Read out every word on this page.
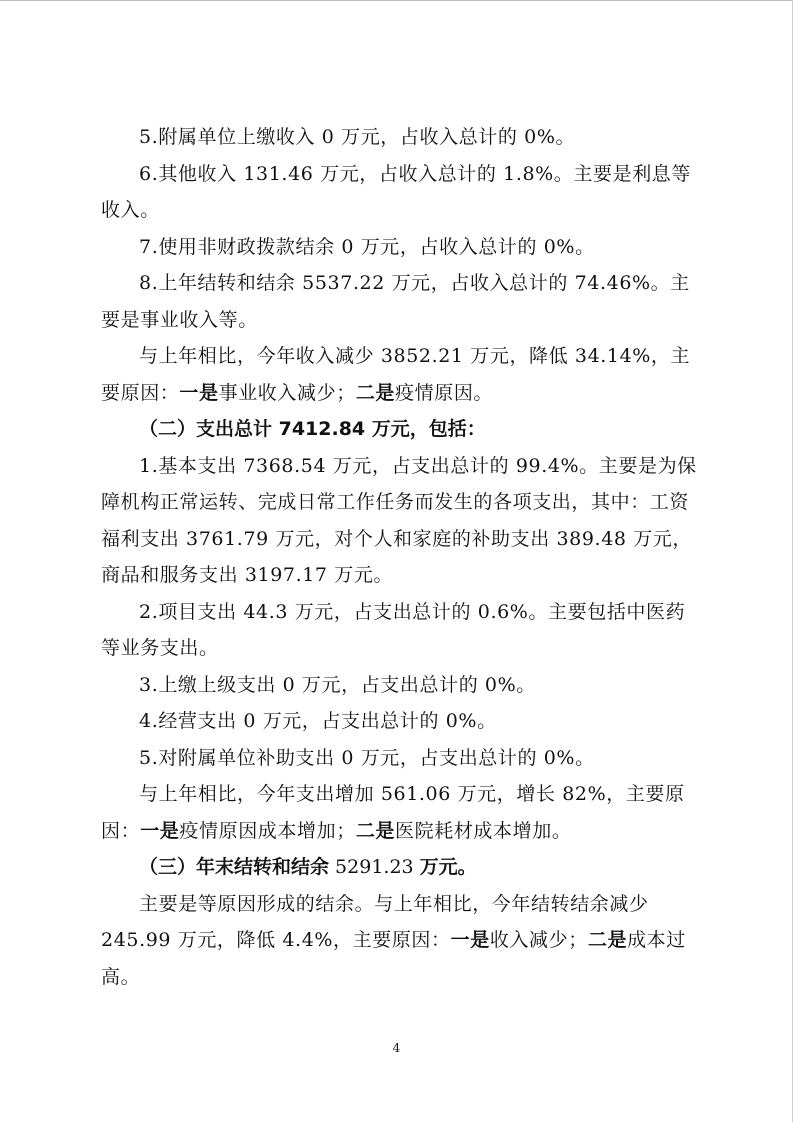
5.附属单位上缴收入 0 万元，占收入总计的 0%。

6.其他收入 131.46 万元，占收入总计的 1.8%。主要是利息等收入。

7.使用非财政拨款结余 0 万元，占收入总计的 0%。

8.上年结转和结余 5537.22 万元，占收入总计的 74.46%。主要是事业收入等。

与上年相比，今年收入减少 3852.21 万元，降低 34.14%，主要原因：一是事业收入减少；二是疫情原因。

（二）支出总计 7412.84 万元，包括：

1.基本支出 7368.54 万元，占支出总计的 99.4%。主要是为保障机构正常运转、完成日常工作任务而发生的各项支出，其中：工资福利支出 3761.79 万元，对个人和家庭的补助支出 389.48 万元，商品和服务支出 3197.17 万元。

2.项目支出 44.3 万元，占支出总计的 0.6%。主要包括中医药等业务支出。

3.上缴上级支出 0 万元，占支出总计的 0%。

4.经营支出 0 万元，占支出总计的 0%。

5.对附属单位补助支出 0 万元，占支出总计的 0%。

与上年相比，今年支出增加 561.06 万元，增长 82%，主要原因：一是疫情原因成本增加；二是医院耗材成本增加。

（三）年末结转和结余 5291.23 万元。

主要是等原因形成的结余。与上年相比，今年结转结余减少 245.99 万元，降低 4.4%，主要原因：一是收入减少；二是成本过高。

4
